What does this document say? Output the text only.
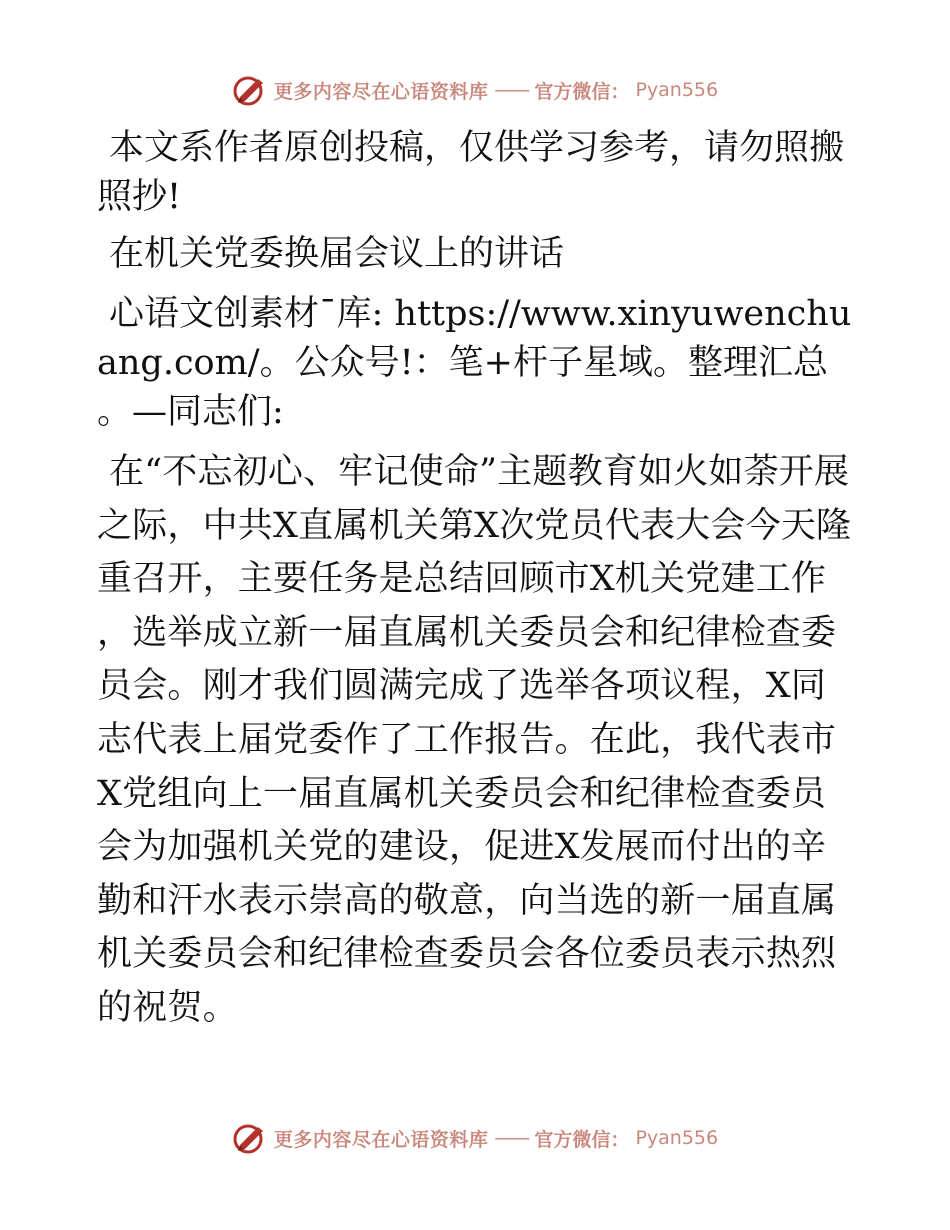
更多内容尽在心语资料库 —— 官方微信： Pyan556

本文系作者原创投稿，仅供学习参考，请勿照搬照抄!

在机关党委换届会议上的讲话

心语文创素材¯库: https://www.xinyuwenchuang.com/。公众号!：笔+杆子星域。整理汇总。—同志们:

在“不忘初心、牢记使命”主题教育如火如荼开展之际，中共X直属机关第X次党员代表大会今天隆重召开，主要任务是总结回顾市X机关党建工作，选举成立新一届直属机关委员会和纪律检查委员会。刚才我们圆满完成了选举各项议程，X同志代表上届党委作了工作报告。在此，我代表市X党组向上一届直属机关委员会和纪律检查委员会为加强机关党的建设，促进X发展而付出的辛勤和汗水表示崇高的敬意，向当选的新一届直属机关委员会和纪律检查委员会各位委员表示热烈的祝贺。

更多内容尽在心语资料库 —— 官方微信： Pyan556
